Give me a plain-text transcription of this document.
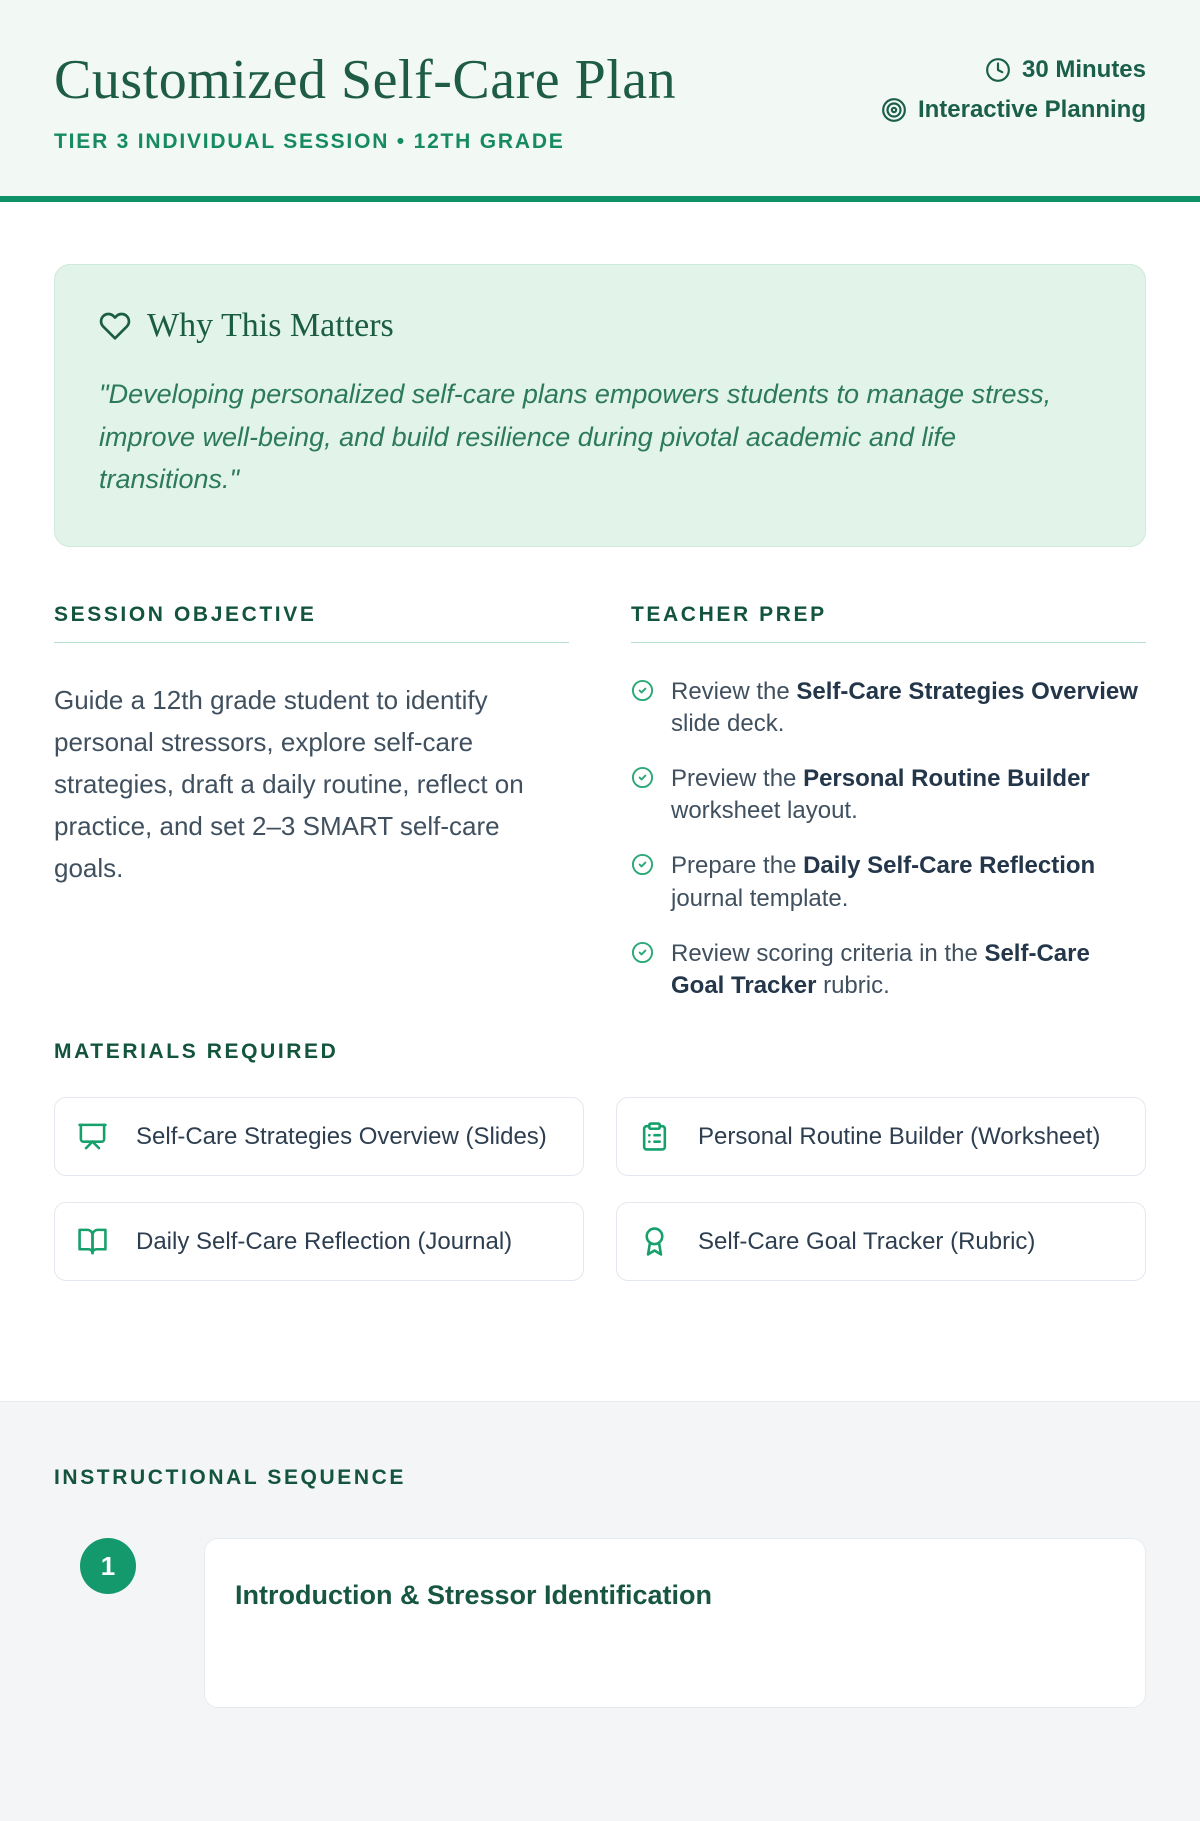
Customized Self-Care Plan
TIER 3 INDIVIDUAL SESSION • 12TH GRADE
30 Minutes
Interactive Planning
Why This Matters
"Developing personalized self-care plans empowers students to manage stress, improve well-being, and build resilience during pivotal academic and life transitions."
SESSION OBJECTIVE
Guide a 12th grade student to identify personal stressors, explore self-care strategies, draft a daily routine, reflect on practice, and set 2–3 SMART self-care goals.
TEACHER PREP
Review the Self-Care Strategies Overview slide deck.
Preview the Personal Routine Builder worksheet layout.
Prepare the Daily Self-Care Reflection journal template.
Review scoring criteria in the Self-Care Goal Tracker rubric.
MATERIALS REQUIRED
Self-Care Strategies Overview (Slides)	Personal Routine Builder (Worksheet)
Daily Self-Care Reflection (Journal)	Self-Care Goal Tracker (Rubric)
INSTRUCTIONAL SEQUENCE
1
Introduction & Stressor Identification
